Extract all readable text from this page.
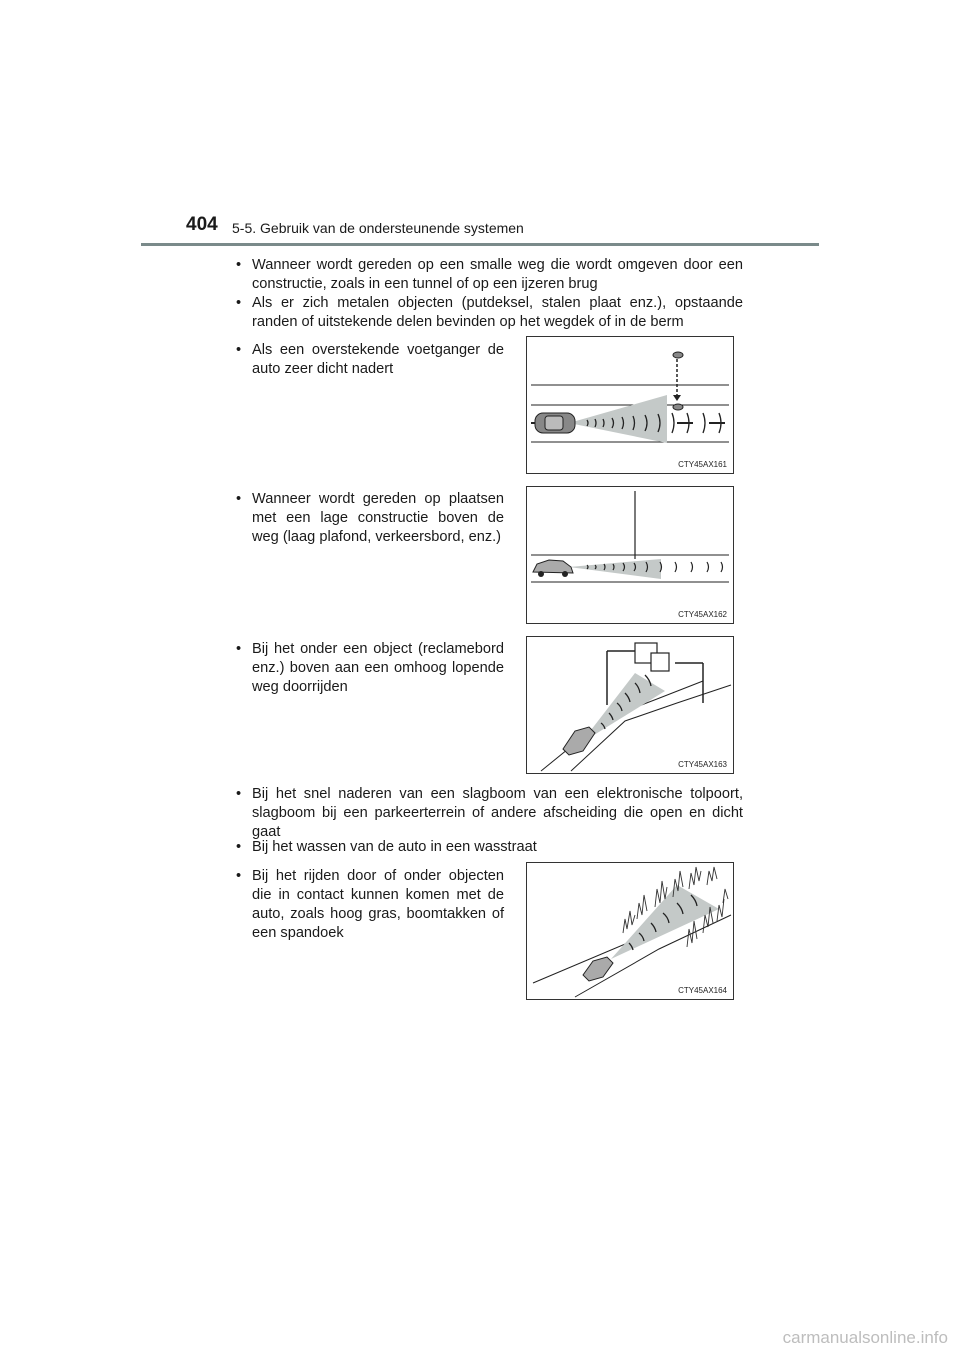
404 5-5. Gebruik van de ondersteunende systemen
• Wanneer wordt gereden op een smalle weg die wordt omgeven door een constructie, zoals in een tunnel of op een ijzeren brug
• Als er zich metalen objecten (putdeksel, stalen plaat enz.), opstaande randen of uitstekende delen bevinden op het wegdek of in de berm
• Als een overstekende voetganger de auto zeer dicht nadert
CTY45AX161
• Wanneer wordt gereden op plaatsen met een lage constructie boven de weg (laag plafond, verkeersbord, enz.)
CTY45AX162
• Bij het onder een object (reclamebord enz.) boven aan een omhoog lopende weg doorrijden
CTY45AX163
• Bij het snel naderen van een slagboom van een elektronische tolpoort, slagboom bij een parkeerterrein of andere afscheiding die open en dicht gaat
• Bij het wassen van de auto in een wasstraat
• Bij het rijden door of onder objecten die in contact kunnen komen met de auto, zoals hoog gras, boomtakken of een spandoek
CTY45AX164
carmanualsonline.info
